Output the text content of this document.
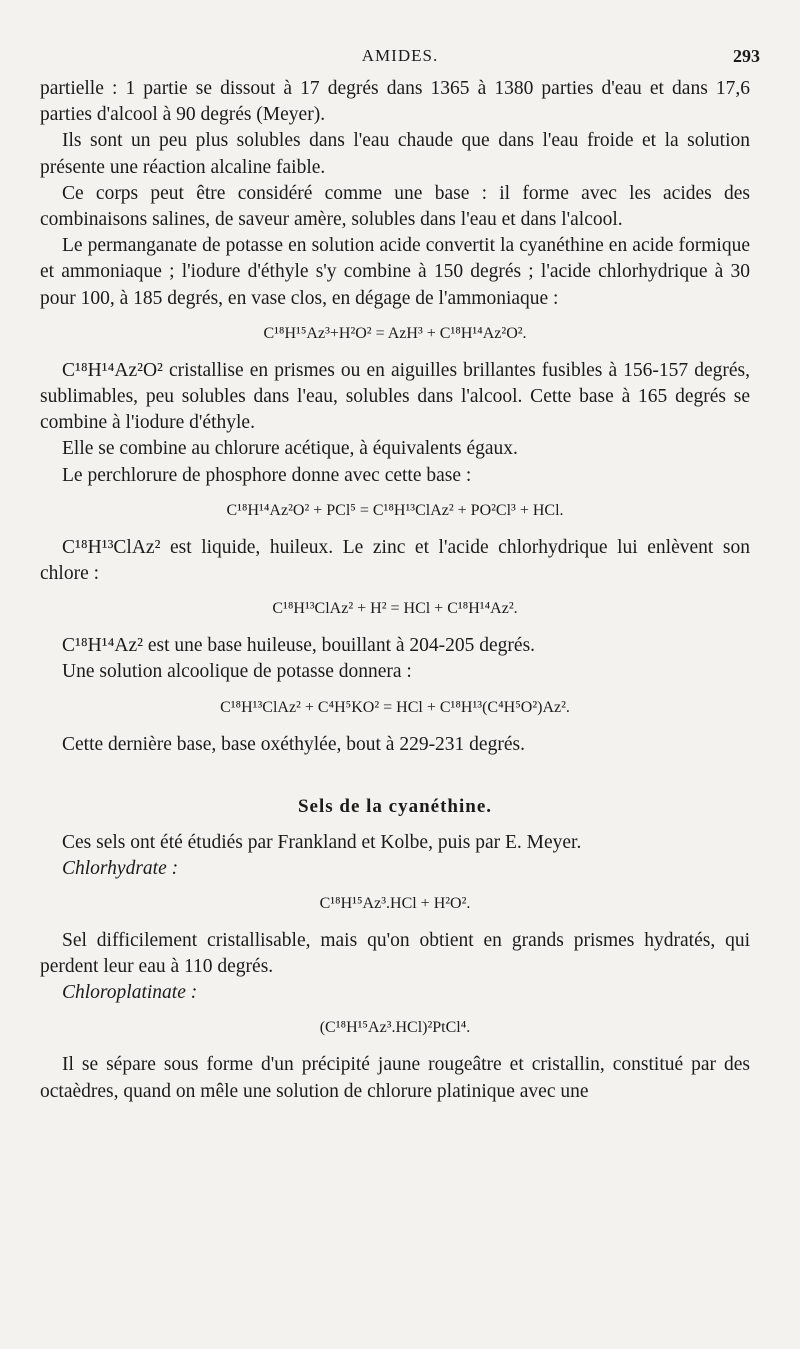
AMIDES.	293

partielle : 1 partie se dissout à 17 degrés dans 1365 à 1380 parties d'eau et dans 17,6 parties d'alcool à 90 degrés (Meyer).

Ils sont un peu plus solubles dans l'eau chaude que dans l'eau froide et la solution présente une réaction alcaline faible.

Ce corps peut être considéré comme une base : il forme avec les acides des combinaisons salines, de saveur amère, solubles dans l'eau et dans l'alcool.

Le permanganate de potasse en solution acide convertit la cyanéthine en acide formique et ammoniaque ; l'iodure d'éthyle s'y combine à 150 degrés ; l'acide chlorhydrique à 30 pour 100, à 185 degrés, en vase clos, en dégage de l'ammoniaque :

C¹⁸H¹⁵Az³+H²O² = AzH³ + C¹⁸H¹⁴Az²O².

C¹⁸H¹⁴Az²O² cristallise en prismes ou en aiguilles brillantes fusibles à 156-157 degrés, sublimables, peu solubles dans l'eau, solubles dans l'alcool. Cette base à 165 degrés se combine à l'iodure d'éthyle.

Elle se combine au chlorure acétique, à équivalents égaux.

Le perchlorure de phosphore donne avec cette base :

C¹⁸H¹⁴Az²O² + PCl⁵ = C¹⁸H¹³ClAz² + PO²Cl³ + HCl.

C¹⁸H¹³ClAz² est liquide, huileux. Le zinc et l'acide chlorhydrique lui enlèvent son chlore :

C¹⁸H¹³ClAz² + H² = HCl + C¹⁸H¹⁴Az².

C¹⁸H¹⁴Az² est une base huileuse, bouillant à 204-205 degrés.

Une solution alcoolique de potasse donnera :

C¹⁸H¹³ClAz² + C⁴H⁵KO² = HCl + C¹⁸H¹³(C⁴H⁵O²)Az².

Cette dernière base, base oxéthylée, bout à 229-231 degrés.

Sels de la cyanéthine.

Ces sels ont été étudiés par Frankland et Kolbe, puis par E. Meyer.

Chlorhydrate :
C¹⁸H¹⁵Az³.HCl + H²O².

Sel difficilement cristallisable, mais qu'on obtient en grands prismes hydratés, qui perdent leur eau à 110 degrés.

Chloroplatinate :
(C¹⁸H¹⁵Az³.HCl)²PtCl⁴.

Il se sépare sous forme d'un précipité jaune rougeâtre et cristallin, constitué par des octaèdres, quand on mêle une solution de chlorure platinique avec une
